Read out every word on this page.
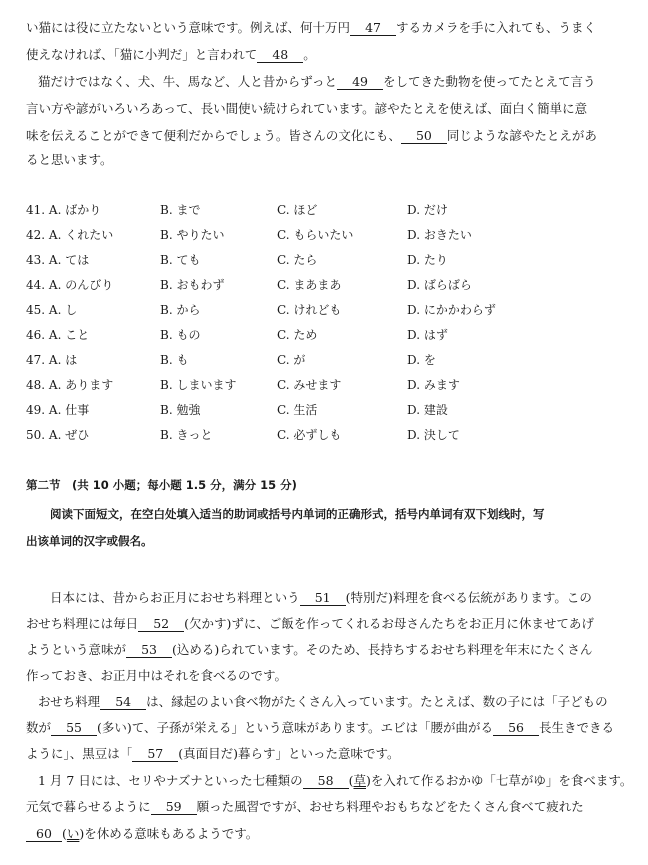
い猫には役に立たないという意味です。例えば、何十万円 47 するカメラを手に入れても、うまく
使えなければ、「猫に小判だ」と言われて 48 。
猫だけではなく、犬、牛、馬など、人と昔からずっと 49 をしてきた動物を使ってたとえて言う
言い方や諺がいろいろあって、長い間使い続けられています。諺やたとえを使えば、面白く簡単に意
味を伝えることができて便利だからでしょう。皆さんの文化にも、 50 同じような諺やたとえがあ
ると思います。
41. A. ばかり	B. まで	C. ほど	D. だけ
42. A. くれたい	B. やりたい	C. もらいたい	D. おきたい
43. A. ては	B. ても	C. たら	D. たり
44. A. のんびり	B. おもわず	C. まあまあ	D. ばらばら
45. A. し	B. から	C. けれども	D. にかかわらず
46. A. こと	B. もの	C. ため	D. はず
47. A. は	B. も	C. が	D. を
48. A. あります	B. しまいます	C. みせます	D. みます
49. A. 仕事	B. 勉強	C. 生活	D. 建設
50. A. ぜひ	B. きっと	C. 必ずしも	D. 決して
第二节　(共 10 小题；每小题 1.5 分，满分 15 分)
阅读下面短文，在空白处填入适当的助词或括号内单词的正确形式，括号内单词有双下划线时，写
出该单词的汉字或假名。
日本には、昔からお正月におせち料理という 51 (特別だ)料理を食べる伝統があります。この
おせち料理には毎日 52 (欠かす)ずに、ご飯を作ってくれるお母さんたちをお正月に休ませてあげ
ようという意味が 53 (込める)られています。そのため、長持ちするおせち料理を年末にたくさん
作っておき、お正月中はそれを食べるのです。
おせち料理 54 は、縁起のよい食べ物がたくさん入っています。たとえば、数の子には「子どもの
数が 55 (多い)て、子孫が栄える」という意味があります。エビは「腰が曲がる 56 長生きできる
ように」、黒豆は「 57 (真面目だ)暮らす」といった意味です。
1 月 7 日には、セリやナズナといった七種類の 58 (草)を入れて作るおかゆ「七草がゆ」を食べます。
元気で暮らせるように 59 願った風習ですが、おせち料理やおもちなどをたくさん食べて疲れた
60 (い)を休める意味もあるようです。
